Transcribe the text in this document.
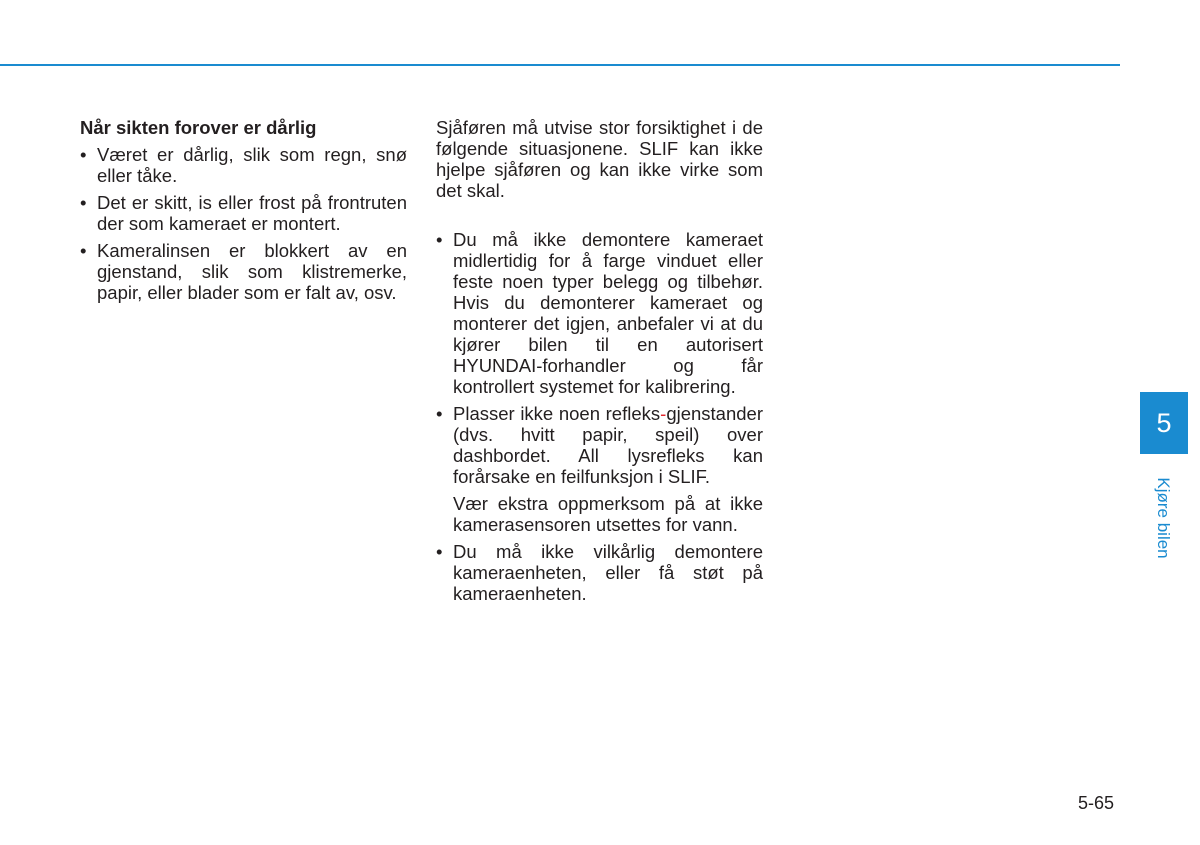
Når sikten forover er dårlig
• Været er dårlig, slik som regn, snø eller tåke.
• Det er skitt, is eller frost på frontruten der som kameraet er montert.
• Kameralinsen er blokkert av en gjenstand, slik som klistremerke, papir, eller blader som er falt av, osv.

Sjåføren må utvise stor forsiktighet i de følgende situasjonene. SLIF kan ikke hjelpe sjåføren og kan ikke virke som det skal.

• Du må ikke demontere kameraet midlertidig for å farge vinduet eller feste noen typer belegg og tilbehør. Hvis du demonterer kameraet og monterer det igjen, anbefaler vi at du kjører bilen til en autorisert HYUNDAI-forhandler og får kontrollert systemet for kalibrering.
• Plasser ikke noen refleks-gjenstander (dvs. hvitt papir, speil) over dashbordet. All lysrefleks kan forårsake en feilfunksjon i SLIF.

Vær ekstra oppmerksom på at ikke kamerasensoren utsettes for vann.

• Du må ikke vilkårlig demontere kameraenheten, eller få støt på kameraenheten.
5
Kjøre bilen
5-65
